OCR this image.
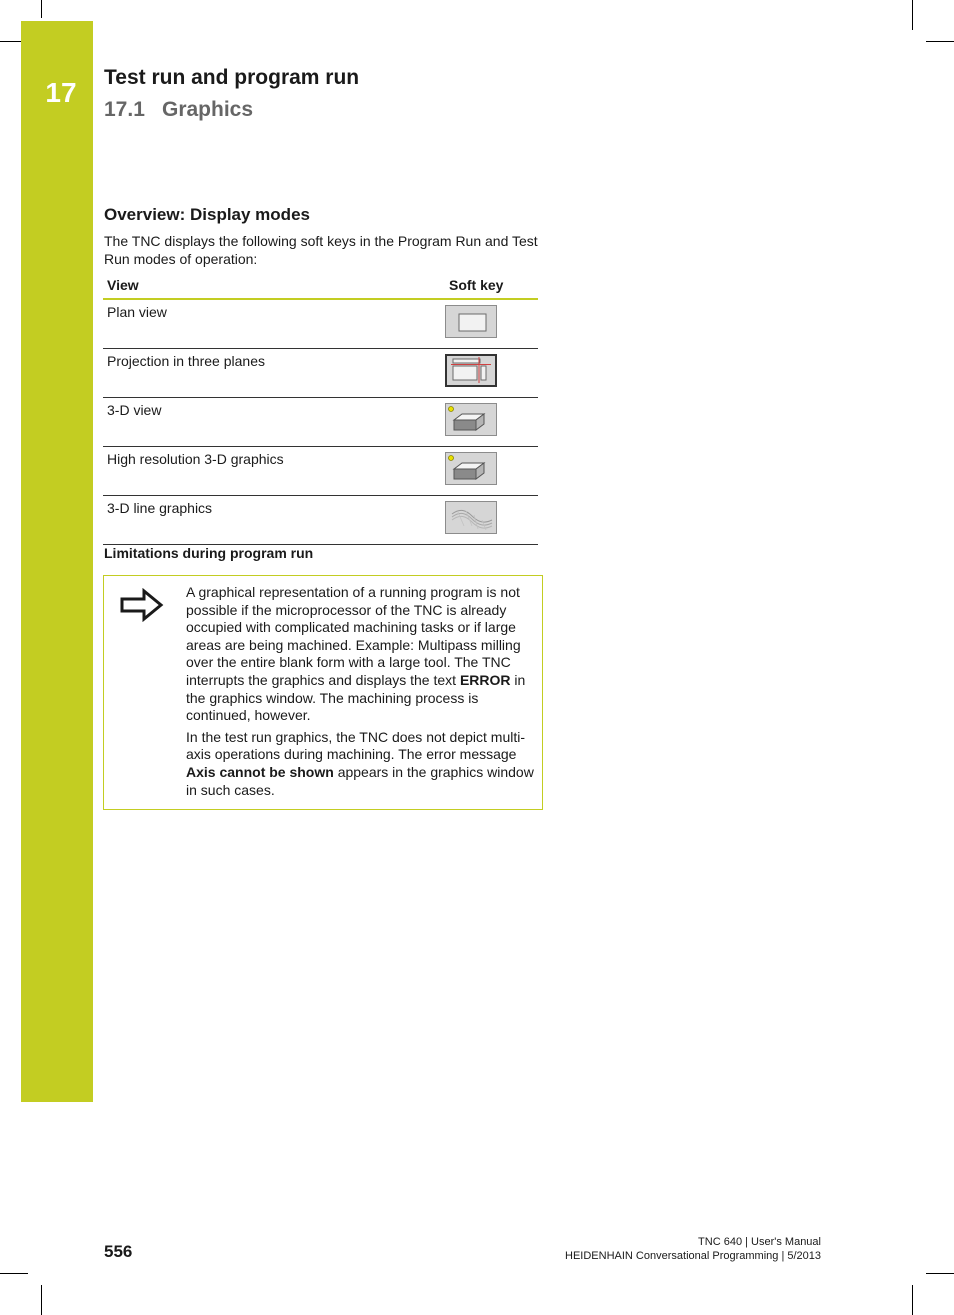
17	Test run and program run
17.1 Graphics
Overview: Display modes
The TNC displays the following soft keys in the Program Run and Test Run modes of operation:
View	Soft key
Plan view	

Projection in three planes	

3-D view	

High resolution 3-D graphics	

3-D line graphics	
Limitations during program run

A graphical representation of a running program is not possible if the microprocessor of the TNC is already occupied with complicated machining tasks or if large areas are being machined. Example: Multipass milling over the entire blank form with a large tool. The TNC interrupts the graphics and displays the text ERROR in the graphics window. The machining process is continued, however.

In the test run graphics, the TNC does not depict multi-axis operations during machining. The error message Axis cannot be shown appears in the graphics window in such cases.

556	TNC 640 | User's Manual
HEIDENHAIN Conversational Programming | 5/2013
